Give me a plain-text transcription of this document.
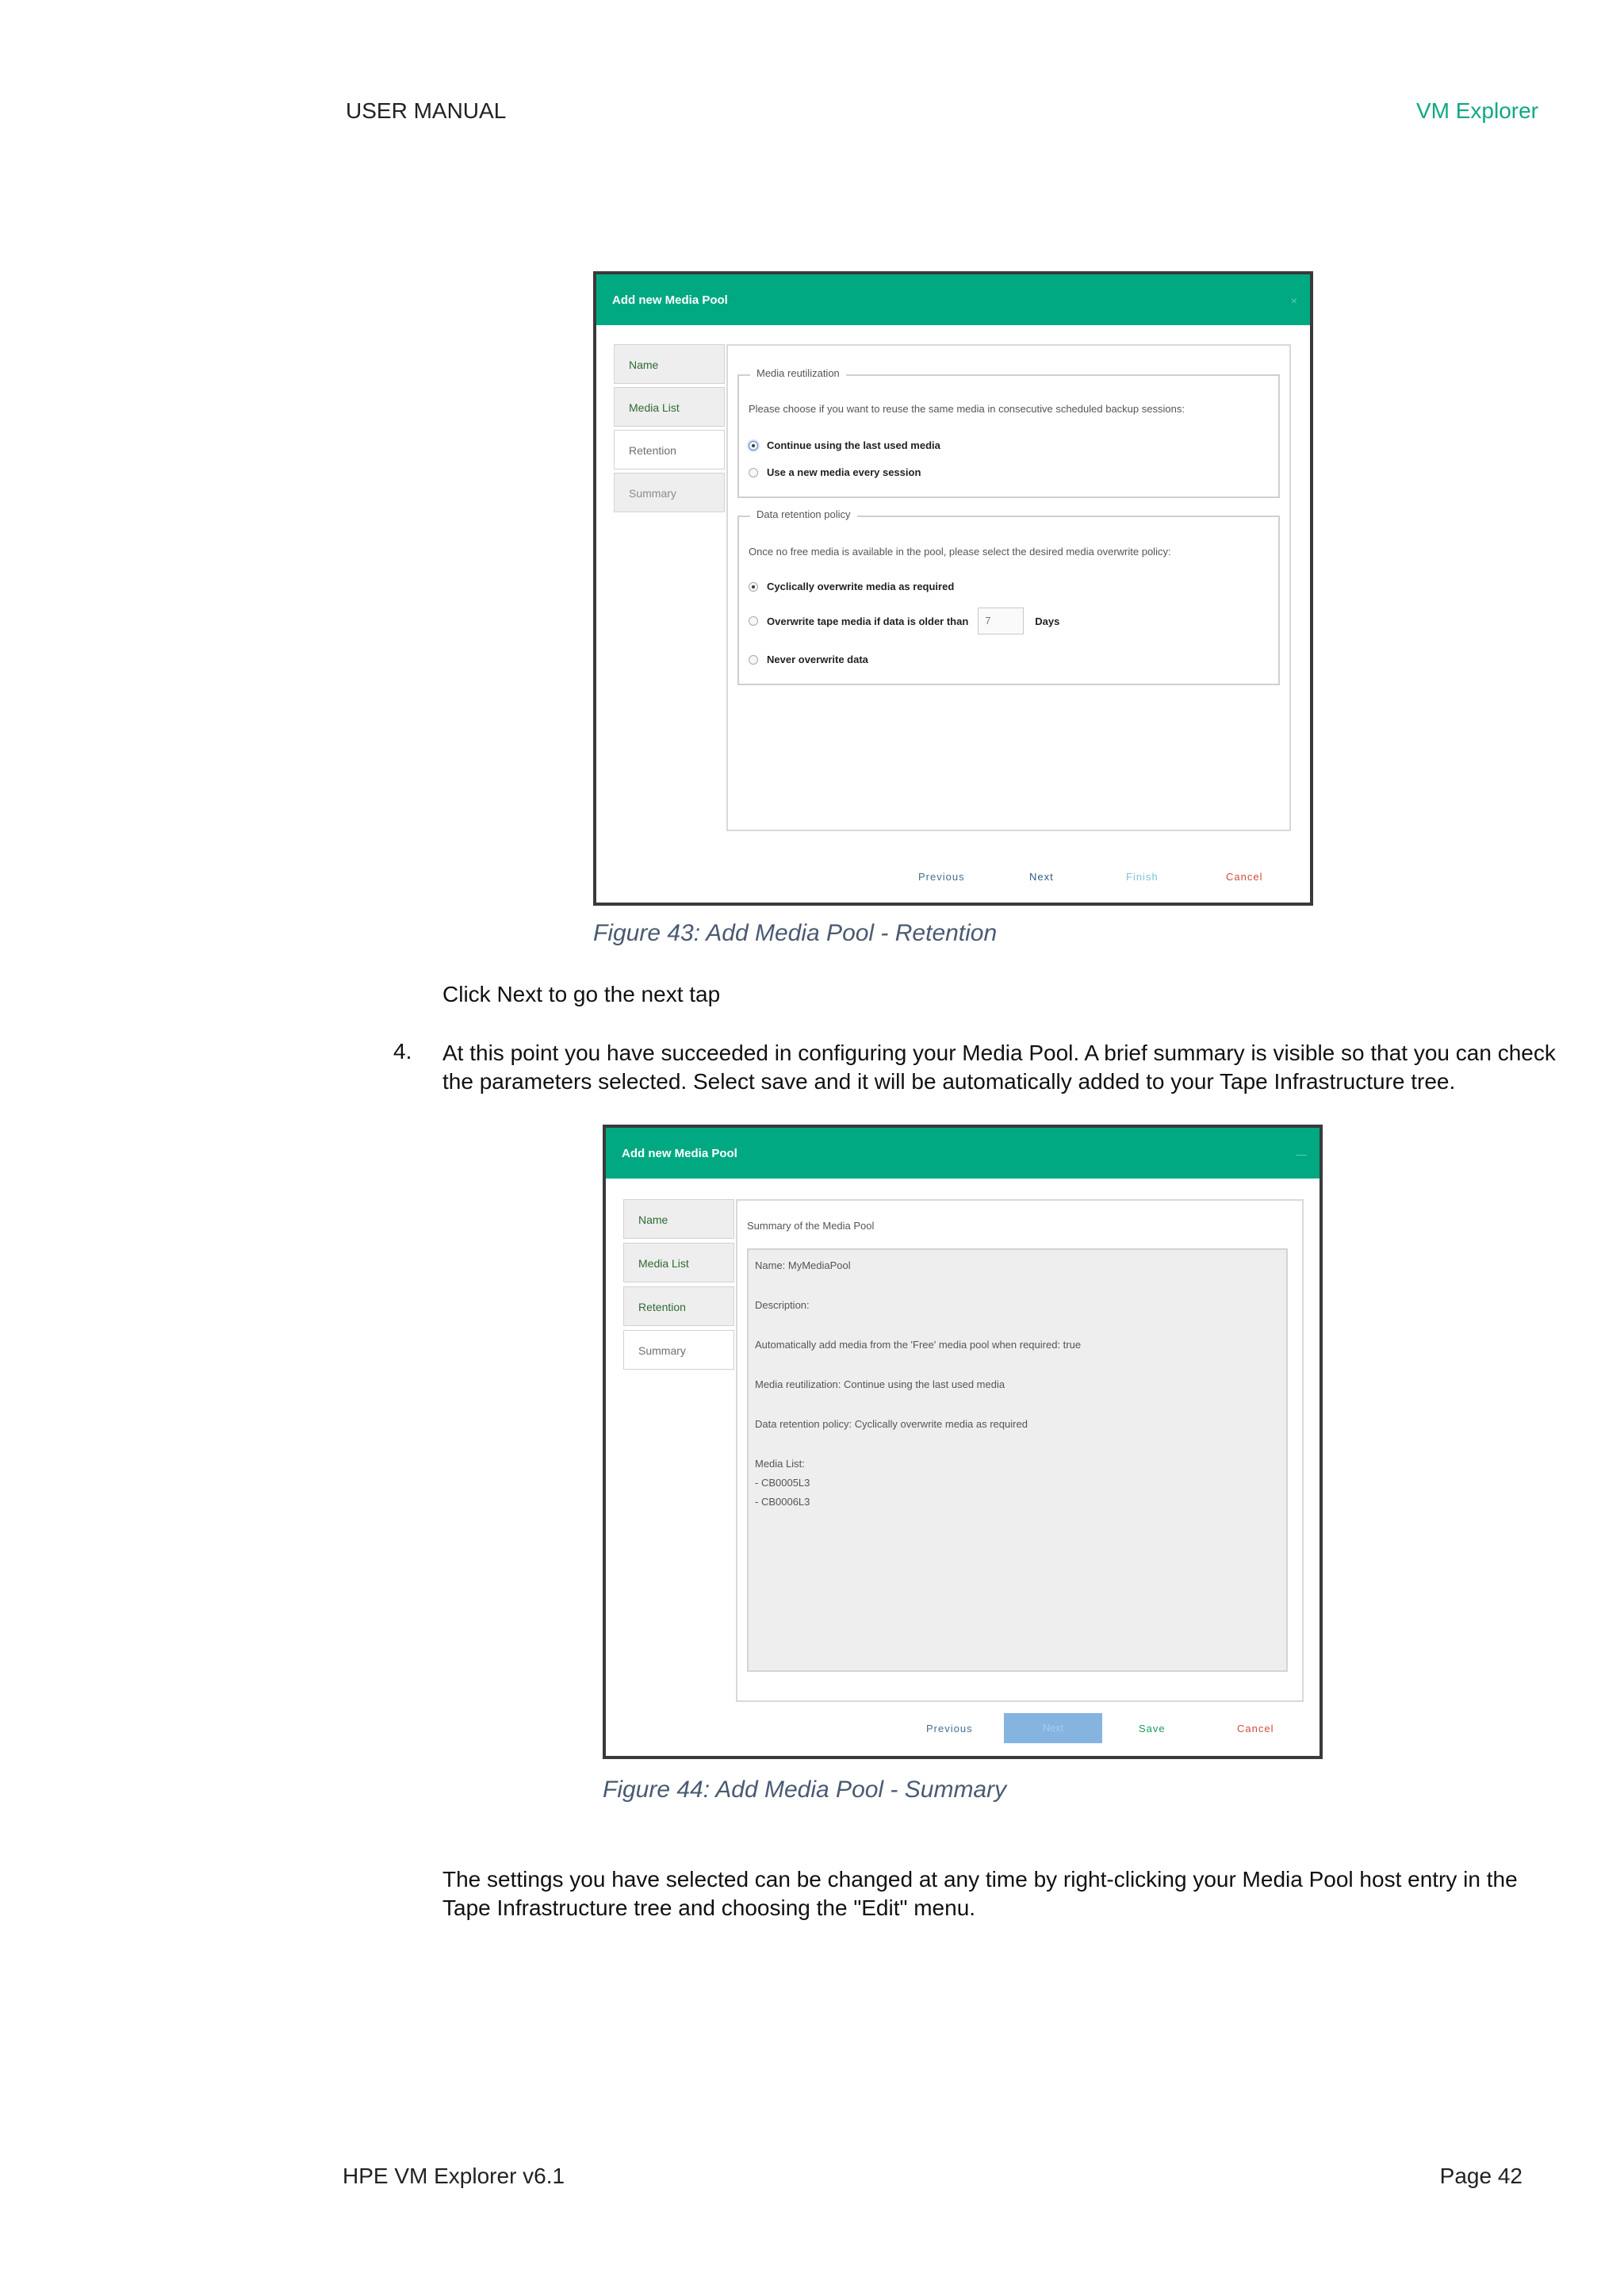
USER MANUAL	VM Explorer
Add new Media Pool	×
Name
Media List
Retention
Summary
Media reutilization
Please choose if you want to reuse the same media in consecutive scheduled backup sessions:
Continue using the last used media
Use a new media every session
Data retention policy
Once no free media is available in the pool, please select the desired media overwrite policy:
Cyclically overwrite media as required
Overwrite tape media if data is older than	7	Days
Never overwrite data
Previous	Next	Finish	Cancel
Figure 43: Add Media Pool - Retention
Click Next to go the next tap
4. At this point you have succeeded in configuring your Media Pool. A brief summary is visible so that you can check the parameters selected. Select save and it will be automatically added to your Tape Infrastructure tree.
Add new Media Pool	—
Name
Media List
Retention
Summary
Summary of the Media Pool
Name: MyMediaPool
Description:
Automatically add media from the 'Free' media pool when required: true
Media reutilization: Continue using the last used media
Data retention policy: Cyclically overwrite media as required
Media List:
- CB0005L3
- CB0006L3
Previous	Next	Save	Cancel
Figure 44: Add Media Pool - Summary
The settings you have selected can be changed at any time by right-clicking your Media Pool host entry in the Tape Infrastructure tree and choosing the "Edit" menu.
HPE VM Explorer v6.1	Page 42
